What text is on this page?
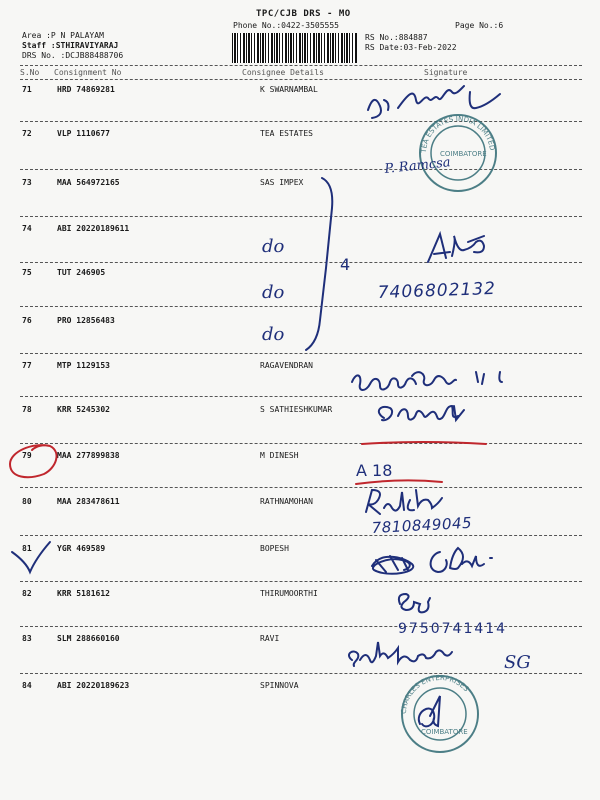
TPC/CJB DRS - MO
Phone No.:0422-3505555	Page No.:6
Area :P N PALAYAM
Staff :STHIRAVIYARAJ
DRS No. :DCJB88488706
RS No.:884887
RS Date:03-Feb-2022
S.No Consignment No	Consignee Details	Signature
71	HRD 74869281	K SWARNAMBAL
72	VLP 1110677	TEA ESTATES
73	MAA 564972165	SAS IMPEX
74	ABI 20220189611
75	TUT 246905
76	PRO 12856483
77	MTP 1129153	RAGAVENDRAN
78	KRR 5245302	S SATHIESHKUMAR
79	MAA 277899838	M DINESH
80	MAA 283478611	RATHNAMOHAN
81	YGR 469589	BOPESH
82	KRR 5181612	THIRUMOORTHI
83	SLM 288660160	RAVI
84	ABI 20220189623	SPINNOVA
TEA ESTATES INDIA LIMITED
COIMBATORE
P. Ramcsa
4
do
do
do
7406802132
A 18
7810849045
9750741414
SG
CHARLES ENTERPRISES
COIMBATORE
